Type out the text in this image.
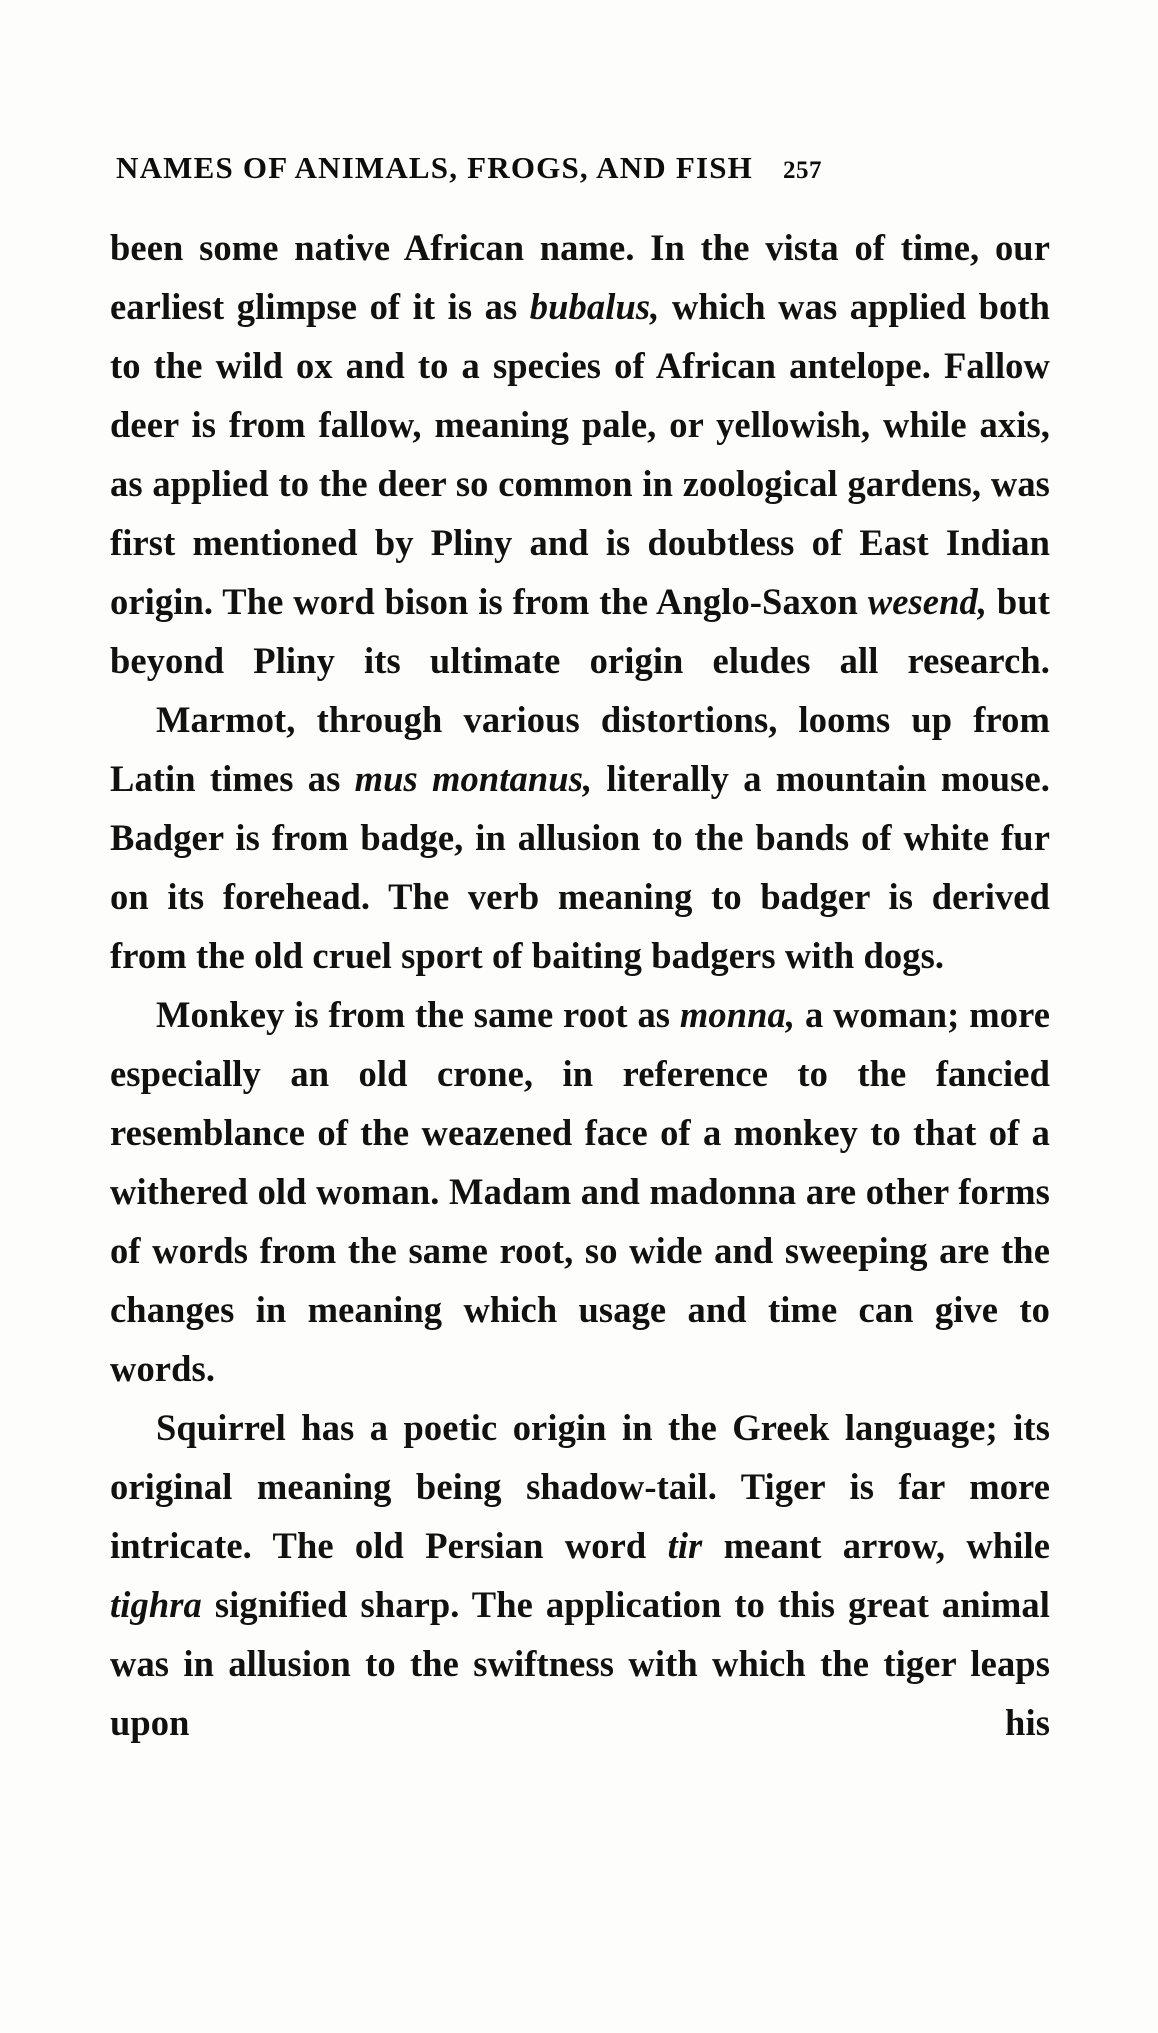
NAMES OF ANIMALS, FROGS, AND FISH 257

been some native African name. In the vista of time, our earliest glimpse of it is as bubalus, which was applied both to the wild ox and to a species of African antelope. Fallow deer is from fallow, meaning pale, or yellowish, while axis, as applied to the deer so common in zoological gardens, was first mentioned by Pliny and is doubtless of East Indian origin. The word bison is from the Anglo-Saxon wesend, but beyond Pliny its ultimate origin eludes all research.

Marmot, through various distortions, looms up from Latin times as mus montanus, literally a mountain mouse. Badger is from badge, in allusion to the bands of white fur on its forehead. The verb meaning to badger is derived from the old cruel sport of baiting badgers with dogs.

Monkey is from the same root as monna, a woman; more especially an old crone, in reference to the fancied resemblance of the weazened face of a monkey to that of a withered old woman. Madam and madonna are other forms of words from the same root, so wide and sweeping are the changes in meaning which usage and time can give to words.

Squirrel has a poetic origin in the Greek language; its original meaning being shadow-tail. Tiger is far more intricate. The old Persian word tir meant arrow, while tighra signified sharp. The application to this great animal was in allusion to the swiftness with which the tiger leaps upon his
